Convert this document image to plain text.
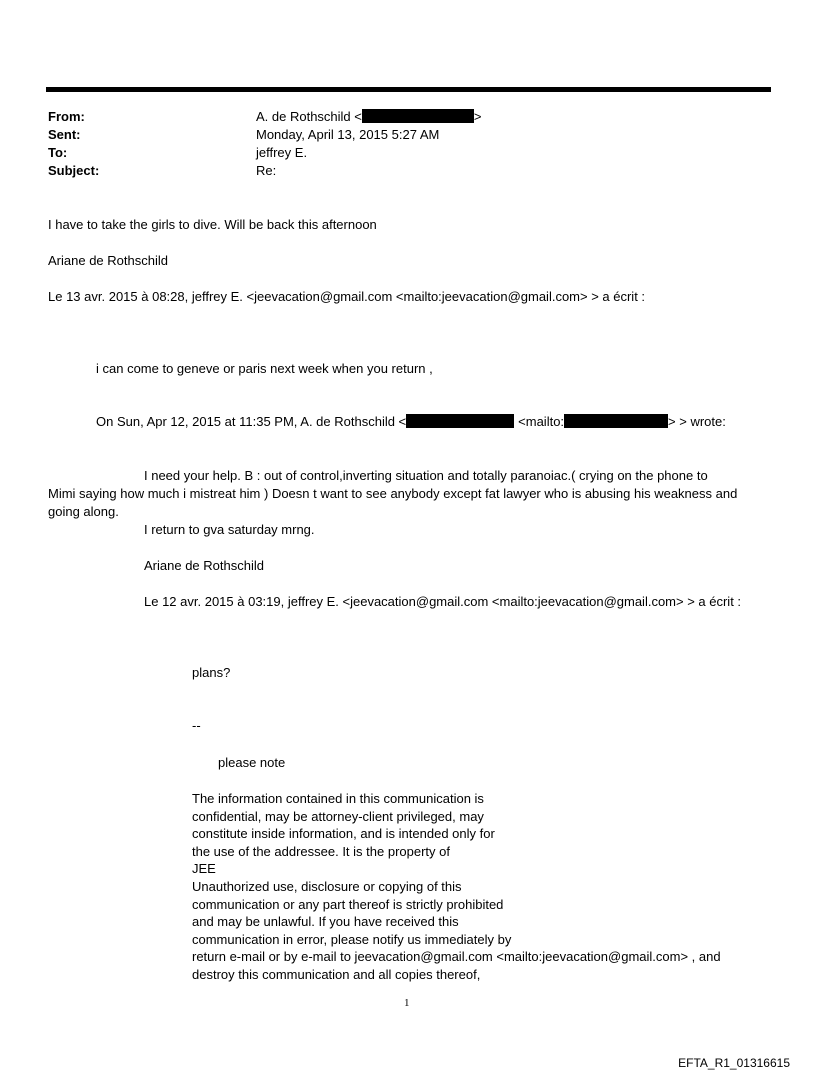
From:	A. de Rothschild <	>
Sent:	Monday, April 13, 2015 5:27 AM
To:	jeffrey E.
Subject:	Re:
I have to take the girls to dive. Will be back this afternoon
Ariane de Rothschild
Le 13 avr. 2015 à 08:28, jeffrey E. <jeevacation@gmail.com <mailto:jeevacation@gmail.com> > a écrit :
i can come to geneve or paris next week when you return ,
On Sun, Apr 12, 2015 at 11:35 PM, A. de Rothschild <	<mailto:	> > wrote:
I need your help. B : out of control,inverting situation and totally paranoiac.( crying on the phone to
Mimi saying how much i mistreat him ) Doesn t want to see anybody except fat lawyer who is abusing his weakness and
going along.
I return to gva saturday mrng.
Ariane de Rothschild
Le 12 avr. 2015 à 03:19, jeffrey E. <jeevacation@gmail.com <mailto:jeevacation@gmail.com> > a écrit :
plans?
--
please note
The information contained in this communication is
confidential, may be attorney-client privileged, may
constitute inside information, and is intended only for
the use of the addressee. It is the property of
JEE
Unauthorized use, disclosure or copying of this
communication or any part thereof is strictly prohibited
and may be unlawful. If you have received this
communication in error, please notify us immediately by
return e-mail or by e-mail to jeevacation@gmail.com <mailto:jeevacation@gmail.com> , and
destroy this communication and all copies thereof,
1
EFTA_R1_01316615
